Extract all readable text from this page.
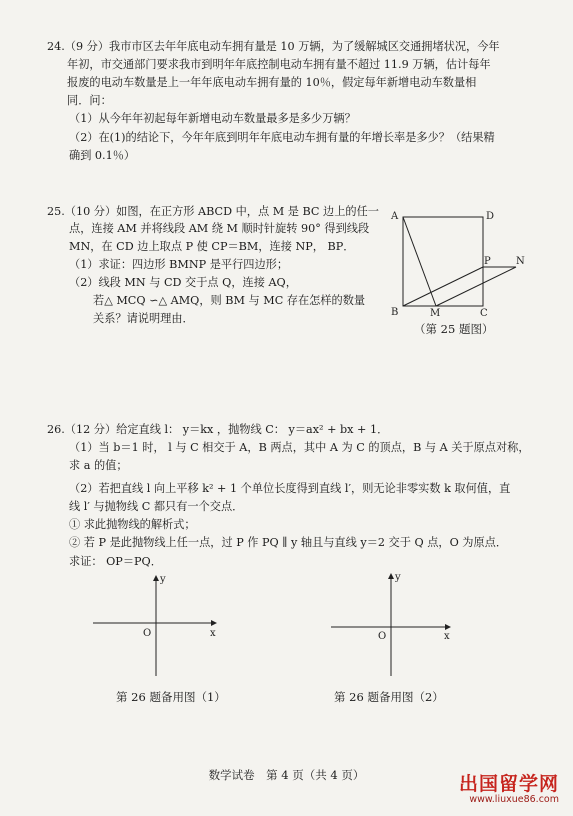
24.（9 分）我市市区去年年底电动车拥有量是 10 万辆，为了缓解城区交通拥堵状况，今年
年初，市交通部门要求我市到明年年底控制电动车拥有量不超过 11.9 万辆，估计每年
报废的电动车数量是上一年年底电动车拥有量的 10％，假定每年新增电动车数量相
同．问：
（1）从今年年初起每年新增电动车数量最多是多少万辆？
（2）在(1)的结论下，今年年底到明年年底电动车拥有量的年增长率是多少？（结果精
确到 0.1％）
25.（10 分）如图，在正方形 ABCD 中，点 M 是 BC 边上的任一
点，连接 AM 并将线段 AM 绕 M 顺时针旋转 90° 得到线段
MN，在 CD 边上取点 P 使 CP＝BM，连接 NP， BP．
（1）求证：四边形 BMNP 是平行四边形；
（2）线段 MN 与 CD 交于点 Q，连接 AQ，
若△ MCQ ∽△ AMQ，则 BM 与 MC 存在怎样的数量
关系？请说明理由．
A	D
B	M	C
P	N
（第 25 题图）
26.（12 分）给定直线 l： y＝kx ，抛物线 C： y＝ax² + bx + 1．
（1）当 b＝1 时， l 与 C 相交于 A，B 两点，其中 A 为 C 的顶点，B 与 A 关于原点对称，
求 a 的值；
（2）若把直线 l 向上平移 k² + 1 个单位长度得到直线 l′，则无论非零实数 k 取何值，直
线 l′ 与抛物线 C 都只有一个交点．
① 求此抛物线的解析式；
② 若 P 是此抛物线上任一点，过 P 作 PQ ∥ y 轴且与直线 y＝2 交于 Q 点，O 为原点．
求证： OP＝PQ．
y
x
O
第 26 题备用图（1）
y
x
O
第 26 题备用图（2）
数学试卷　第 4 页（共 4 页）	出国留学网
www.liuxue86.com
